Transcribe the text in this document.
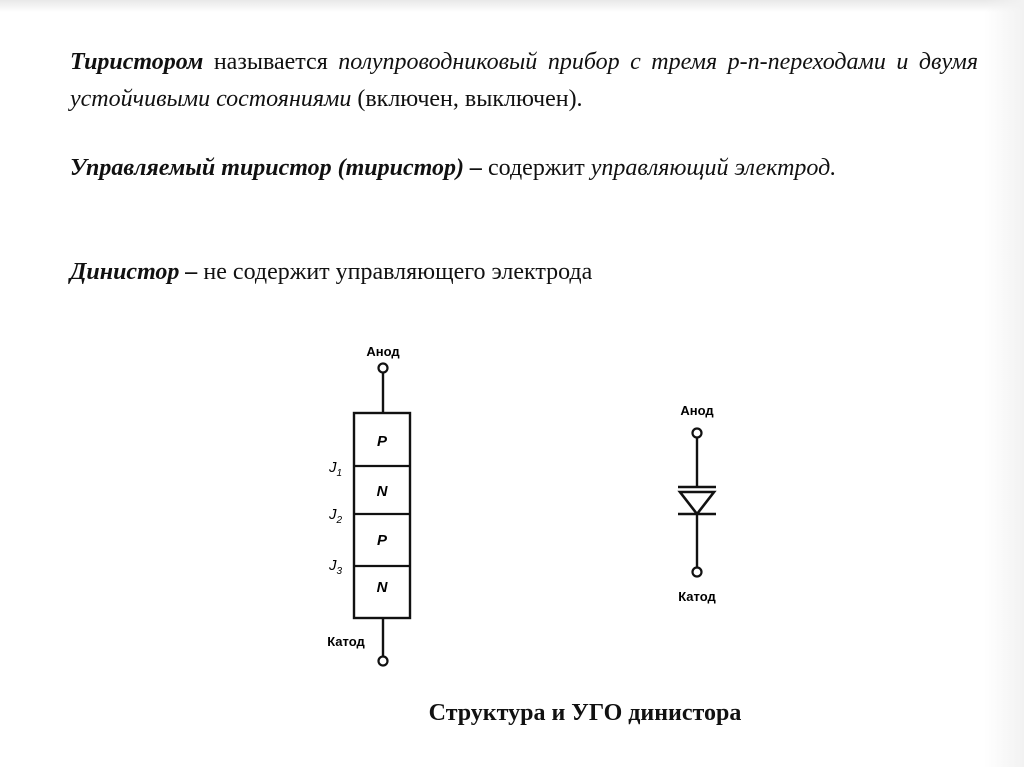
Тиристором называется полупроводниковый прибор с тремя p-n-переходами и двумя устойчивыми состояниями (включен, выключен).

Управляемый тиристор (тиристор) – содержит управляющий электрод.

Динистор – не содержит управляющего электрода

Анод
P
N
P
N
$J_1$
$J_2$
$J_3$
Катод
Анод
Катод

Структура и УГО динистора
